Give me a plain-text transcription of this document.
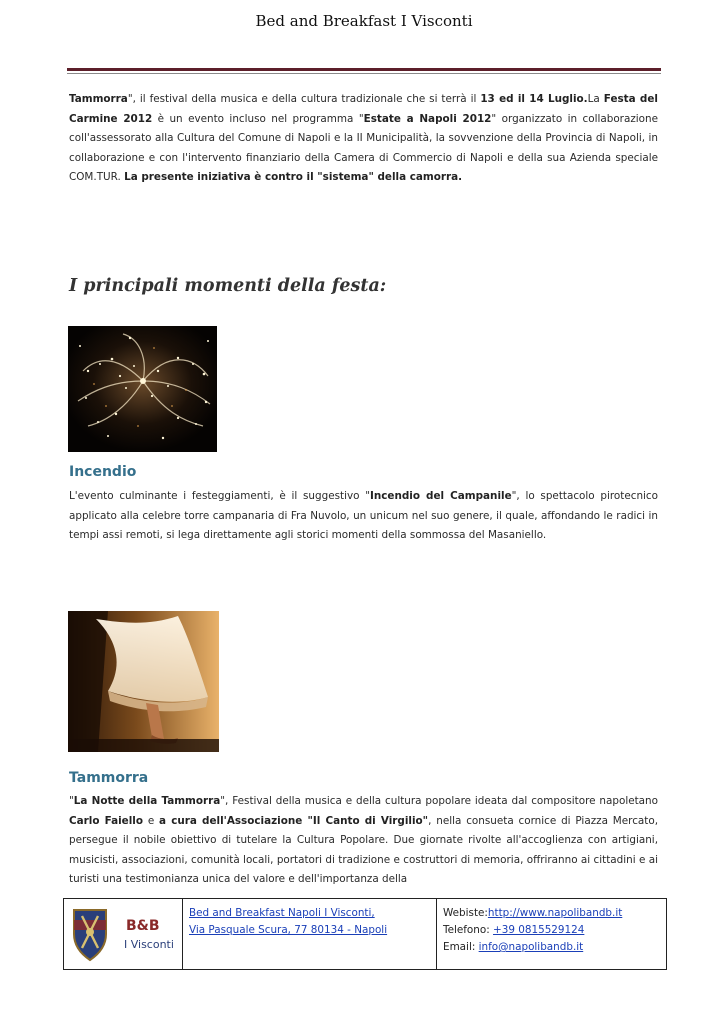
Bed and Breakfast I Visconti
Tammorra", il festival della musica e della cultura tradizionale che si terrà il 13 ed il 14 Luglio.La Festa del Carmine 2012 è un evento incluso nel programma "Estate a Napoli 2012" organizzato in collaborazione coll'assessorato alla Cultura del Comune di Napoli e la II Municipalità, la sovvenzione della Provincia di Napoli, in collaborazione e con l'intervento finanziario della Camera di Commercio di Napoli e della sua Azienda speciale COM.TUR. La presente iniziativa è contro il "sistema" della camorra.
I principali momenti della festa:
Incendio
L'evento culminante i festeggiamenti, è il suggestivo "Incendio del Campanile", lo spettacolo pirotecnico applicato alla celebre torre campanaria di Fra Nuvolo, un unicum nel suo genere, il quale, affondando le radici in tempi assi remoti, si lega direttamente agli storici momenti della sommossa del Masaniello.
Tammorra
"La Notte della Tammorra", Festival della musica e della cultura popolare ideata dal compositore napoletano Carlo Faiello e a cura dell'Associazione "Il Canto di Virgilio", nella consueta cornice di Piazza Mercato, persegue il nobile obiettivo di tutelare la Cultura Popolare. Due giornate rivolte all'accoglienza con artigiani, musicisti, associazioni, comunità locali, portatori di tradizione e costruttori di memoria, offriranno ai cittadini e ai turisti una testimonianza unica del valore e dell'importanza della
B&B
I Visconti
Bed and Breakfast Napoli I Visconti,
Via Pasquale Scura, 77 80134 - Napoli
Webiste:http://www.napolibandb.it
Telefono: +39 0815529124
Email: info@napolibandb.it
